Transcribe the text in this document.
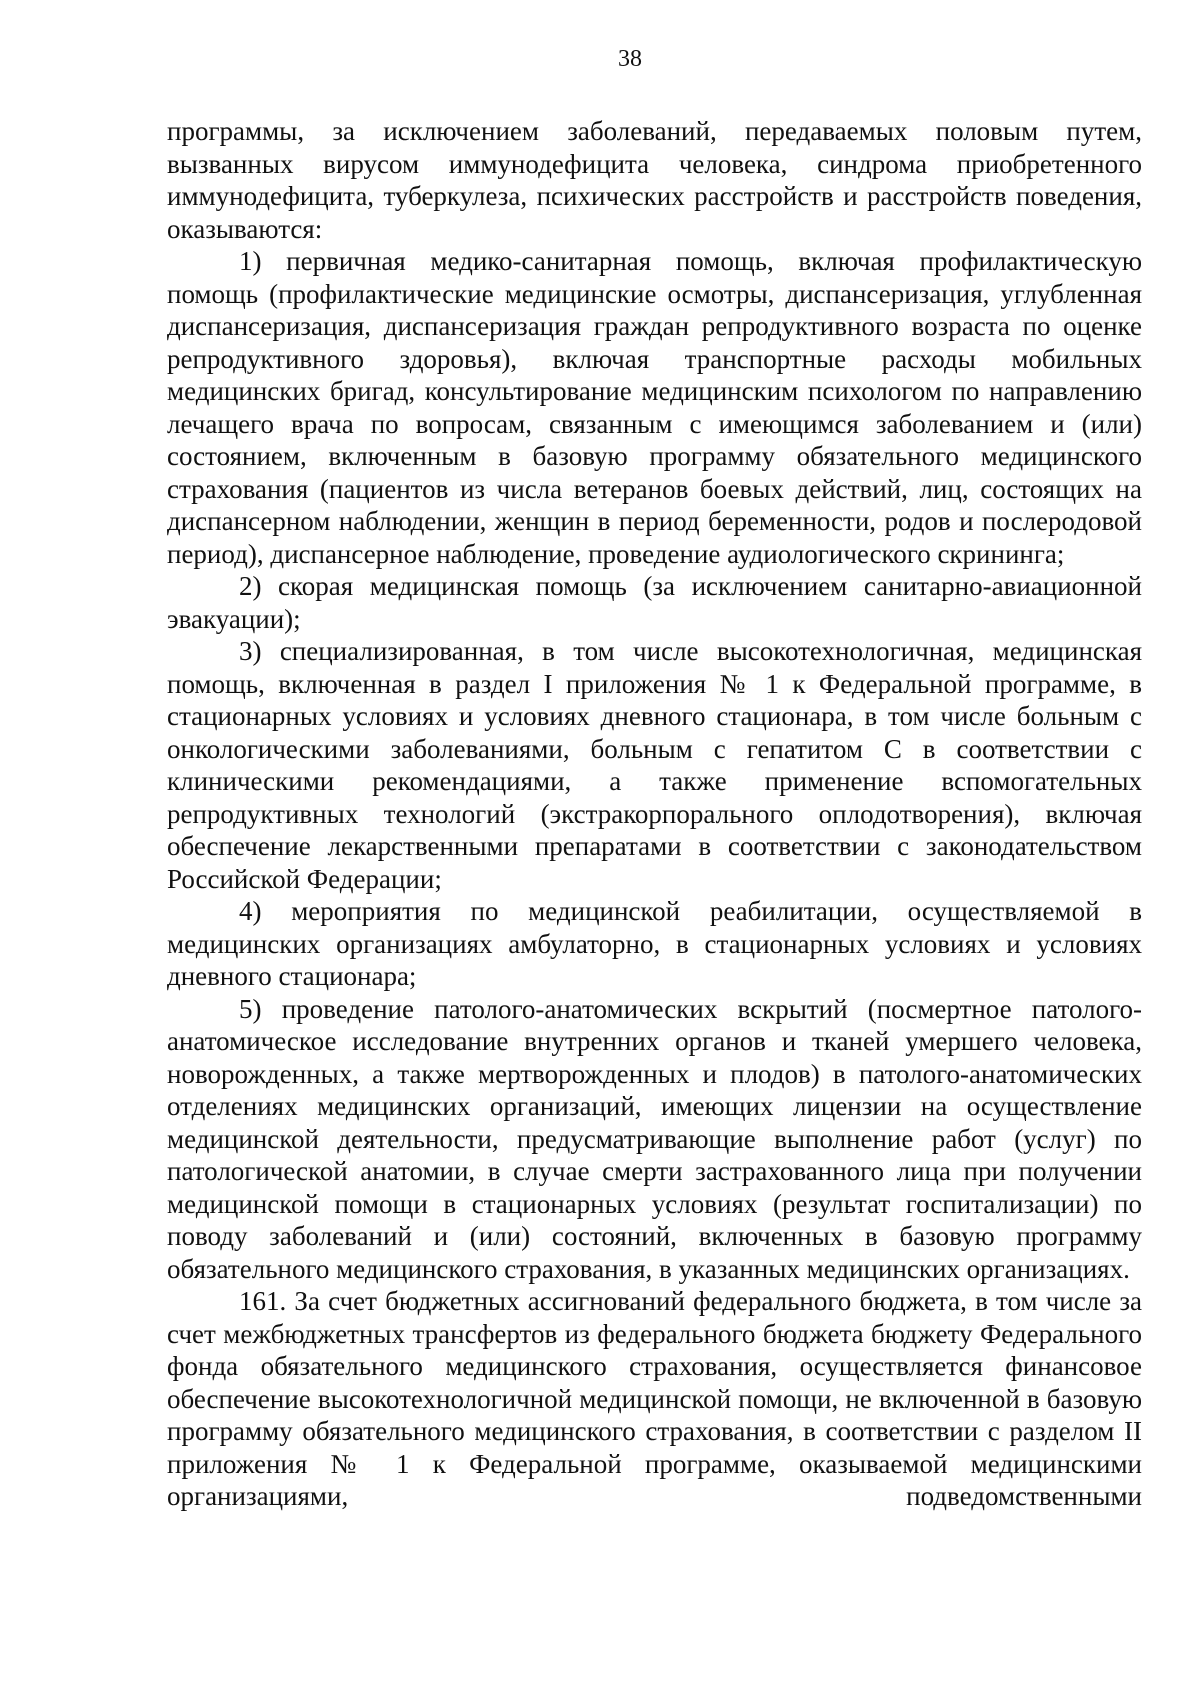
38

программы, за исключением заболеваний, передаваемых половым путем, вызванных вирусом иммунодефицита человека, синдрома приобретенного иммунодефицита, туберкулеза, психических расстройств и расстройств поведения, оказываются:

1) первичная медико-санитарная помощь, включая профилактическую помощь (профилактические медицинские осмотры, диспансеризация, углубленная диспансеризация, диспансеризация граждан репродуктивного возраста по оценке репродуктивного здоровья), включая транспортные расходы мобильных медицинских бригад, консультирование медицинским психологом по направлению лечащего врача по вопросам, связанным с имеющимся заболеванием и (или) состоянием, включенным в базовую программу обязательного медицинского страхования (пациентов из числа ветеранов боевых действий, лиц, состоящих на диспансерном наблюдении, женщин в период беременности, родов и послеродовой период), диспансерное наблюдение, проведение аудиологического скрининга;

2) скорая медицинская помощь (за исключением санитарно-авиационной эвакуации);

3) специализированная, в том числе высокотехнологичная, медицинская помощь, включенная в раздел I приложения № 1 к Федеральной программе, в стационарных условиях и условиях дневного стационара, в том числе больным с онкологическими заболеваниями, больным с гепатитом С в соответствии с клиническими рекомендациями, а также применение вспомогательных репродуктивных технологий (экстракорпорального оплодотворения), включая обеспечение лекарственными препаратами в соответствии с законодательством Российской Федерации;

4) мероприятия по медицинской реабилитации, осуществляемой в медицинских организациях амбулаторно, в стационарных условиях и условиях дневного стационара;

5) проведение патолого-анатомических вскрытий (посмертное патолого-анатомическое исследование внутренних органов и тканей умершего человека, новорожденных, а также мертворожденных и плодов) в патолого-анатомических отделениях медицинских организаций, имеющих лицензии на осуществление медицинской деятельности, предусматривающие выполнение работ (услуг) по патологической анатомии, в случае смерти застрахованного лица при получении медицинской помощи в стационарных условиях (результат госпитализации) по поводу заболеваний и (или) состояний, включенных в базовую программу обязательного медицинского страхования, в указанных медицинских организациях.

161. За счет бюджетных ассигнований федерального бюджета, в том числе за счет межбюджетных трансфертов из федерального бюджета бюджету Федерального фонда обязательного медицинского страхования, осуществляется финансовое обеспечение высокотехнологичной медицинской помощи, не включенной в базовую программу обязательного медицинского страхования, в соответствии с разделом II приложения № 1 к Федеральной программе, оказываемой медицинскими организациями, подведомственными
